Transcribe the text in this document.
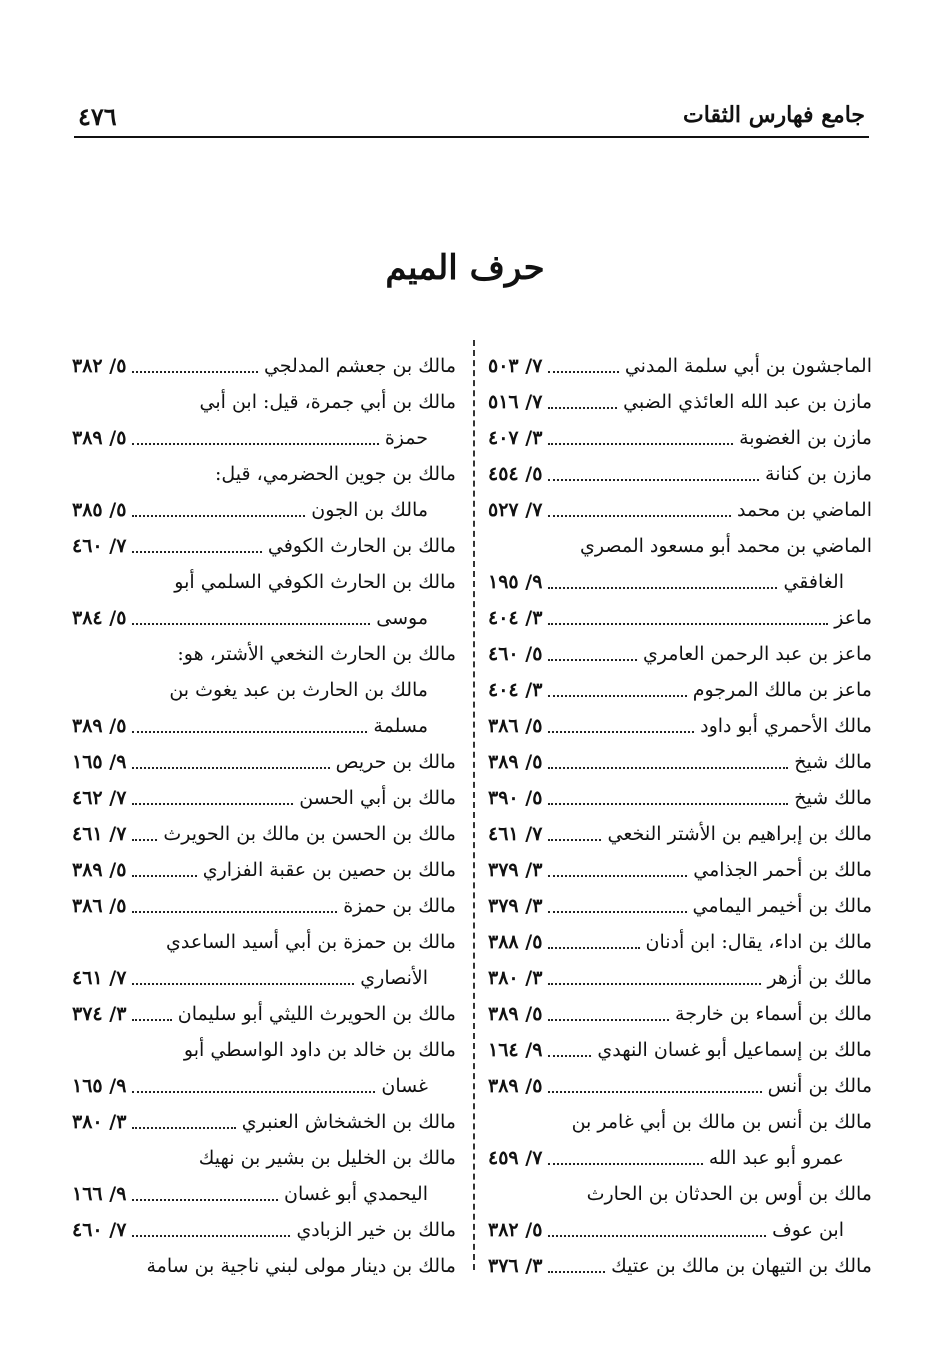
٤٧٦	جامع فهارس الثقات
حرف الميم
الماجشون بن أبي سلمة المدني
٧/ ٥٠٣
مازن بن عبد الله العائذي الضبي
٧/ ٥١٦
مازن بن الغضوبة
٣/ ٤٠٧
مازن بن كنانة
٥/ ٤٥٤
الماضي بن محمد
٧/ ٥٢٧
الماضي بن محمد أبو مسعود المصري
الغافقي
٩/ ١٩٥
ماعز
٣/ ٤٠٤
ماعز بن عبد الرحمن العامري
٥/ ٤٦٠
ماعز بن مالك المرجوم
٣/ ٤٠٤
مالك الأحمري أبو داود
٥/ ٣٨٦
مالك شيخ
٥/ ٣٨٩
مالك شيخ
٥/ ٣٩٠
مالك بن إبراهيم بن الأشتر النخعي
٧/ ٤٦١
مالك بن أحمر الجذامي
٣/ ٣٧٩
مالك بن أخيمر اليمامي
٣/ ٣٧٩
مالك بن اداء، يقال: ابن أدنان
٥/ ٣٨٨
مالك بن أزهر
٣/ ٣٨٠
مالك بن أسماء بن خارجة
٥/ ٣٨٩
مالك بن إسماعيل أبو غسان النهدي
٩/ ١٦٤
مالك بن أنس
٥/ ٣٨٩
مالك بن أنس بن مالك بن أبي غامر بن
عمرو أبو عبد الله
٧/ ٤٥٩
مالك بن أوس بن الحدثان بن الحارث
ابن عوف
٥/ ٣٨٢
مالك بن التيهان بن مالك بن عتيك
٣/ ٣٧٦
مالك بن جعشم المدلجي
٥/ ٣٨٢
مالك بن أبي جمرة، قيل: ابن أبي
حمزة
٥/ ٣٨٩
مالك بن جوين الحضرمي، قيل:
مالك بن الجون
٥/ ٣٨٥
مالك بن الحارث الكوفي
٧/ ٤٦٠
مالك بن الحارث الكوفي السلمي أبو
موسى
٥/ ٣٨٤
مالك بن الحارث النخعي الأشتر، هو:
مالك بن الحارث بن عبد يغوث بن
مسلمة
٥/ ٣٨٩
مالك بن حريص
٩/ ١٦٥
مالك بن أبي الحسن
٧/ ٤٦٢
مالك بن الحسن بن مالك بن الحويرث
٧/ ٤٦١
مالك بن حصين بن عقبة الفزاري
٥/ ٣٨٩
مالك بن حمزة
٥/ ٣٨٦
مالك بن حمزة بن أبي أسيد الساعدي
الأنصاري
٧/ ٤٦١
مالك بن الحويرث الليثي أبو سليمان
٣/ ٣٧٤
مالك بن خالد بن داود الواسطي أبو
غسان
٩/ ١٦٥
مالك بن الخشخاش العنبري
٣/ ٣٨٠
مالك بن الخليل بن بشير بن نهيك
اليحمدي أبو غسان
٩/ ١٦٦
مالك بن خير الزبادي
٧/ ٤٦٠
مالك بن دينار مولى لبني ناجية بن سامة
